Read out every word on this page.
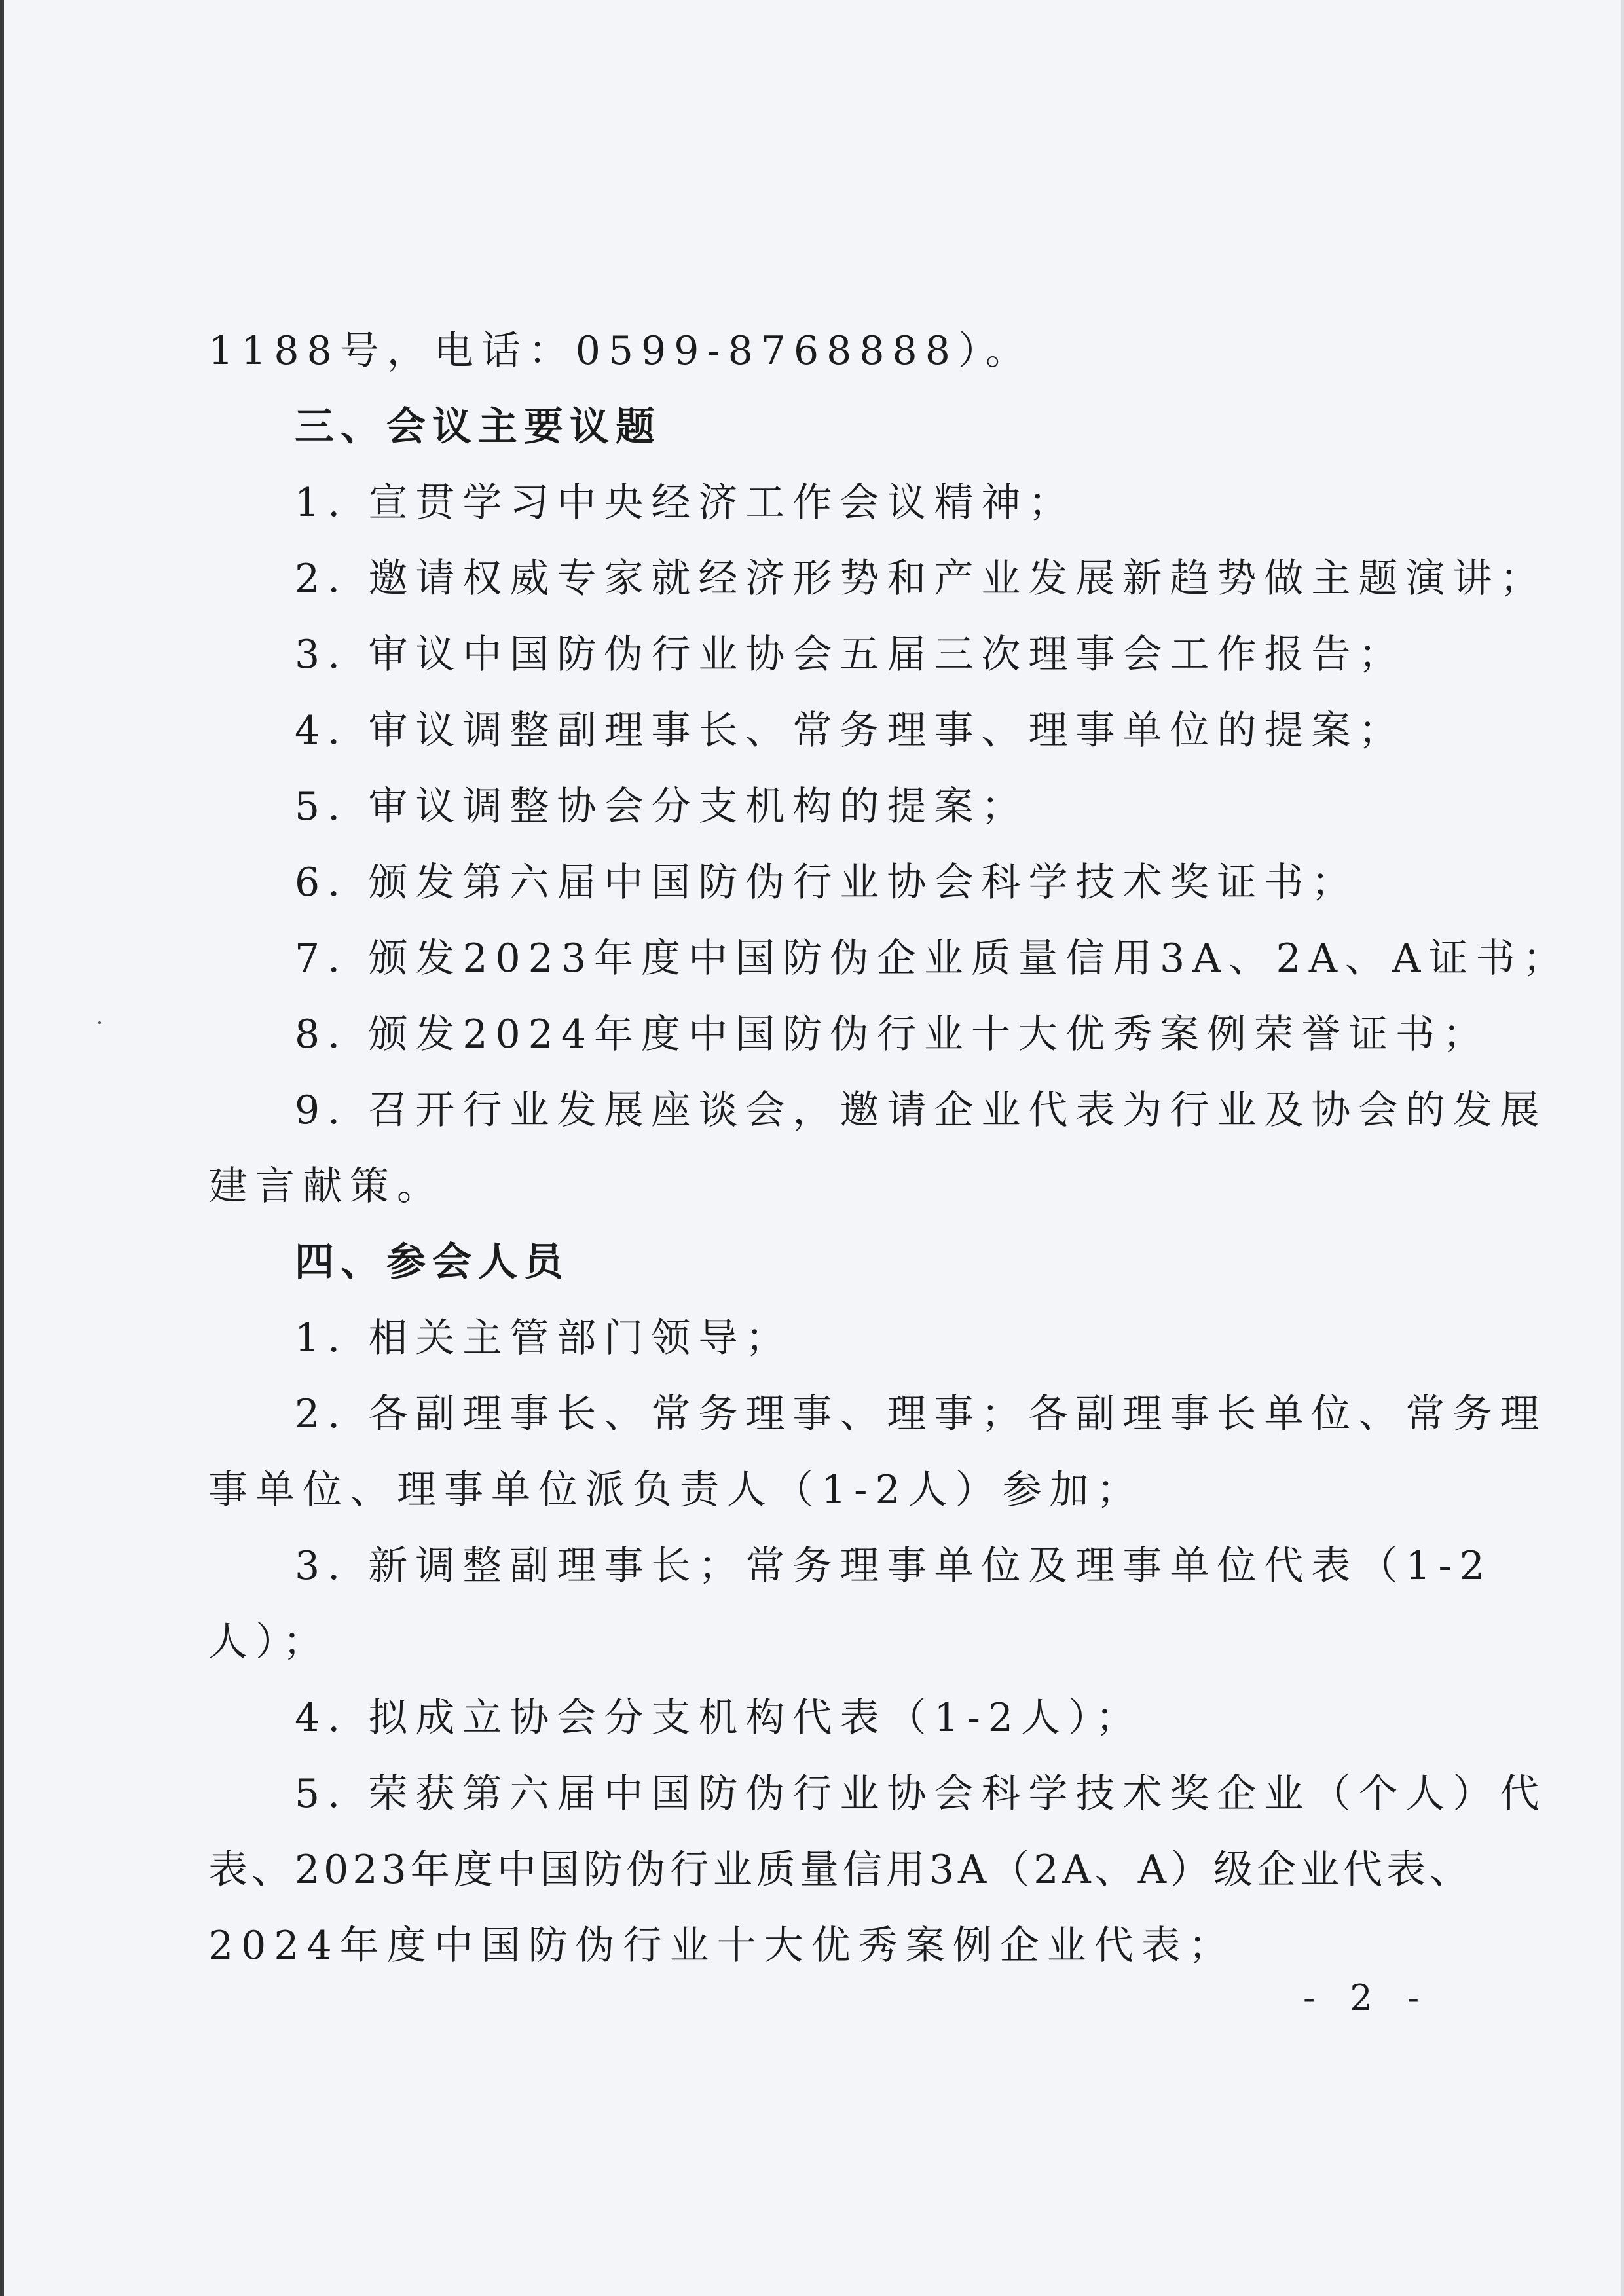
1188号，电话：0599-8768888）。
三、会议主要议题
1. 宣贯学习中央经济工作会议精神；
2. 邀请权威专家就经济形势和产业发展新趋势做主题演讲；
3. 审议中国防伪行业协会五届三次理事会工作报告；
4. 审议调整副理事长、常务理事、理事单位的提案；
5. 审议调整协会分支机构的提案；
6. 颁发第六届中国防伪行业协会科学技术奖证书；
7. 颁发2023年度中国防伪企业质量信用3A、2A、A证书；
8. 颁发2024年度中国防伪行业十大优秀案例荣誉证书；
9. 召开行业发展座谈会，邀请企业代表为行业及协会的发展
建言献策。
四、参会人员
1. 相关主管部门领导；
2. 各副理事长、常务理事、理事；各副理事长单位、常务理
事单位、理事单位派负责人（1-2人）参加；
3. 新调整副理事长；常务理事单位及理事单位代表（1-2
人）；
4. 拟成立协会分支机构代表（1-2人）；
5. 荣获第六届中国防伪行业协会科学技术奖企业（个人）代
表、2023年度中国防伪行业质量信用3A（2A、A）级企业代表、
2024年度中国防伪行业十大优秀案例企业代表；
- 2 -
